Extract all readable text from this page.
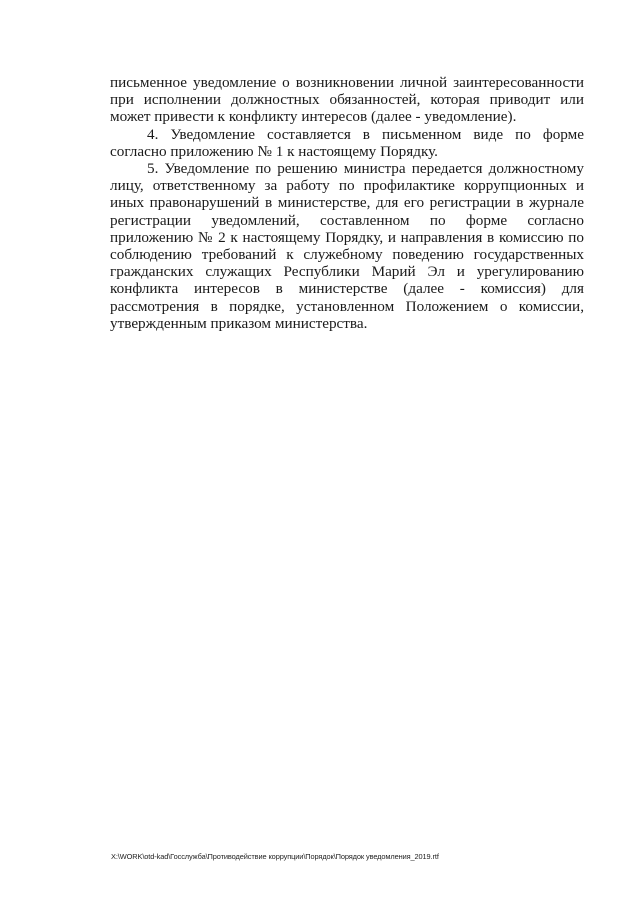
письменное уведомление о возникновении личной заинтересованности при исполнении должностных обязанностей, которая приводит или может привести к конфликту интересов (далее - уведомление).

4. Уведомление составляется в письменном виде по форме согласно приложению № 1 к настоящему Порядку.

5. Уведомление по решению министра передается должностному лицу, ответственному за работу по профилактике коррупционных и иных правонарушений в министерстве, для его регистрации в журнале регистрации уведомлений, составленном по форме согласно приложению № 2 к настоящему Порядку, и направления в комиссию по соблюдению требований к служебному поведению государственных гражданских служащих Республики Марий Эл и урегулированию конфликта интересов в министерстве (далее - комиссия) для рассмотрения в порядке, установленном Положением о комиссии, утвержденным приказом министерства.

X:\WORK\otd-kad\Госслужба\Противодействие коррупции\Порядок\Порядок уведомления_2019.rtf
